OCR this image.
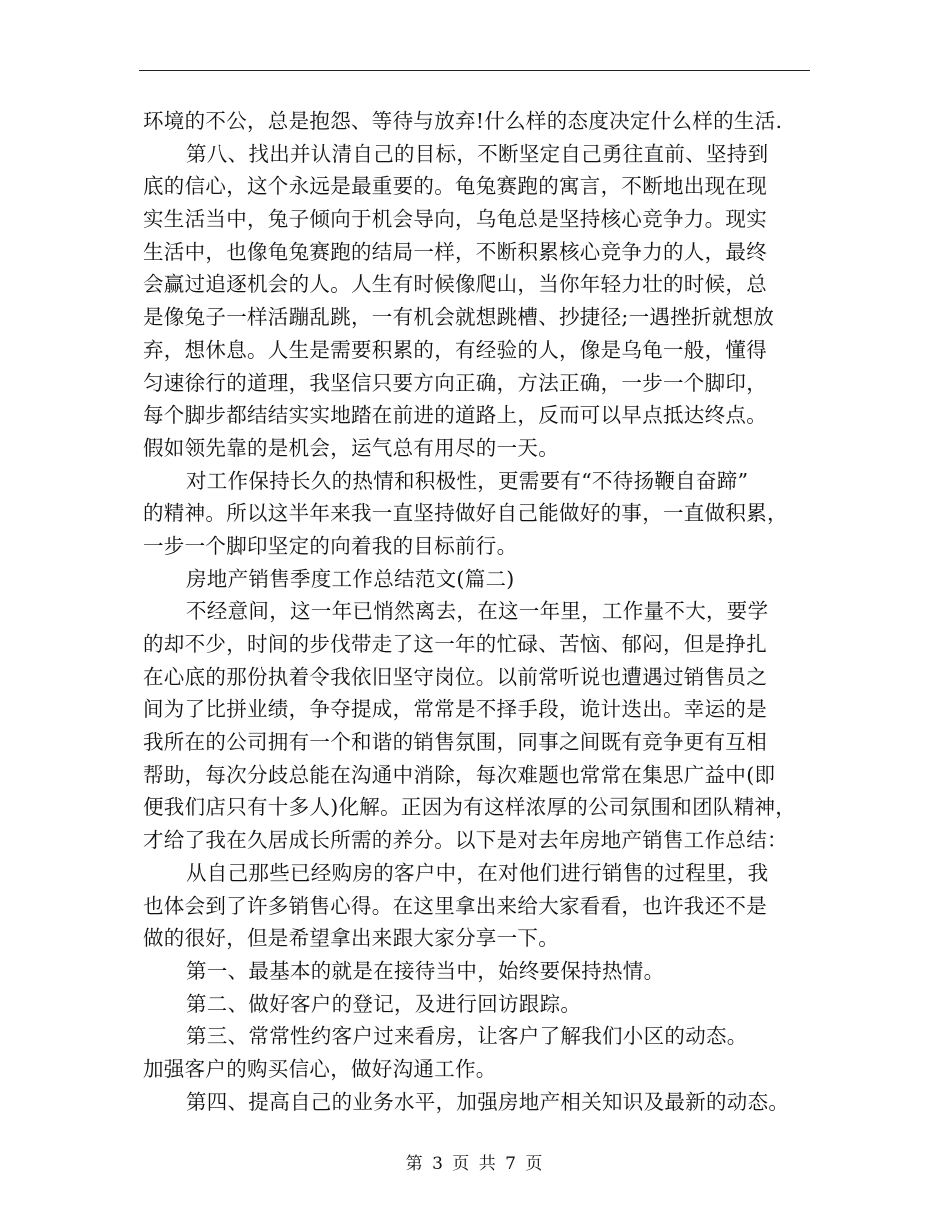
环境的不公，总是抱怨、等待与放弃!什么样的态度决定什么样的生活.
第八、找出并认清自己的目标，不断坚定自己勇往直前、坚持到
底的信心，这个永远是最重要的。龟兔赛跑的寓言，不断地出现在现
实生活当中，兔子倾向于机会导向，乌龟总是坚持核心竞争力。现实
生活中，也像龟兔赛跑的结局一样，不断积累核心竞争力的人，最终
会赢过追逐机会的人。人生有时候像爬山，当你年轻力壮的时候，总
是像兔子一样活蹦乱跳，一有机会就想跳槽、抄捷径;一遇挫折就想放
弃，想休息。人生是需要积累的，有经验的人，像是乌龟一般，懂得
匀速徐行的道理，我坚信只要方向正确，方法正确，一步一个脚印，
每个脚步都结结实实地踏在前进的道路上，反而可以早点抵达终点。
假如领先靠的是机会，运气总有用尽的一天。
对工作保持长久的热情和积极性，更需要有“不待扬鞭自奋蹄”
的精神。所以这半年来我一直坚持做好自己能做好的事，一直做积累，
一步一个脚印坚定的向着我的目标前行。
房地产销售季度工作总结范文(篇二)
不经意间，这一年已悄然离去，在这一年里，工作量不大，要学
的却不少，时间的步伐带走了这一年的忙碌、苦恼、郁闷，但是挣扎
在心底的那份执着令我依旧坚守岗位。以前常听说也遭遇过销售员之
间为了比拼业绩，争夺提成，常常是不择手段，诡计迭出。幸运的是
我所在的公司拥有一个和谐的销售氛围，同事之间既有竞争更有互相
帮助，每次分歧总能在沟通中消除，每次难题也常常在集思广益中(即
便我们店只有十多人)化解。正因为有这样浓厚的公司氛围和团队精神，
才给了我在久居成长所需的养分。以下是对去年房地产销售工作总结：
从自己那些已经购房的客户中，在对他们进行销售的过程里，我
也体会到了许多销售心得。在这里拿出来给大家看看，也许我还不是
做的很好，但是希望拿出来跟大家分享一下。
第一、最基本的就是在接待当中，始终要保持热情。
第二、做好客户的登记，及进行回访跟踪。
第三、常常性约客户过来看房，让客户了解我们小区的动态。
加强客户的购买信心，做好沟通工作。
第四、提高自己的业务水平，加强房地产相关知识及最新的动态。
第 3 页 共 7 页
